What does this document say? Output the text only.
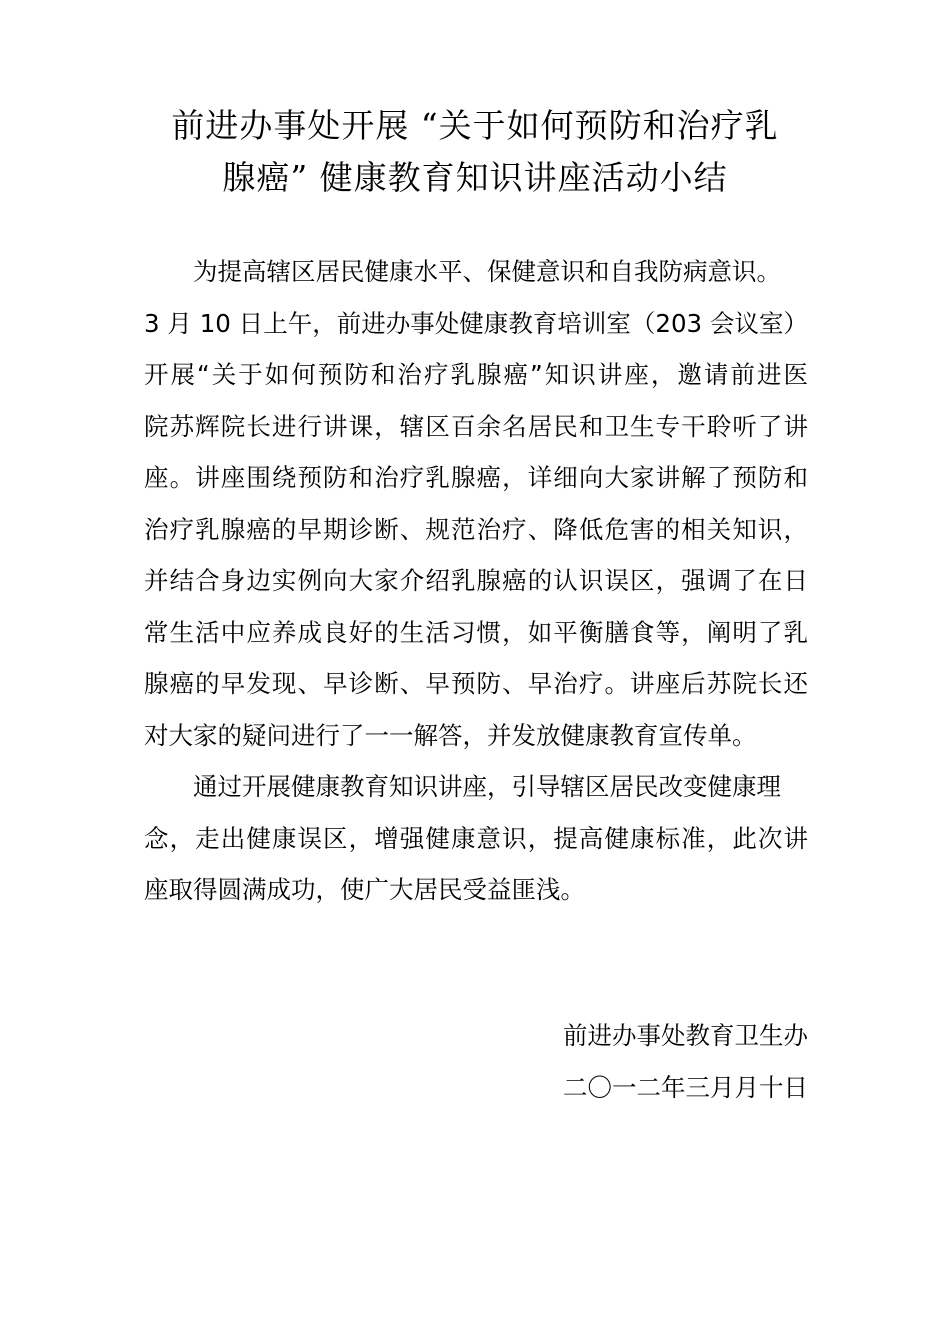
前进办事处开展 “关于如何预防和治疗乳
腺癌” 健康教育知识讲座活动小结
为提高辖区居民健康水平、保健意识和自我防病意识。
3 月 10 日上午，前进办事处健康教育培训室（203 会议室）
开展“关于如何预防和治疗乳腺癌”知识讲座，邀请前进医
院苏辉院长进行讲课，辖区百余名居民和卫生专干聆听了讲
座。讲座围绕预防和治疗乳腺癌，详细向大家讲解了预防和
治疗乳腺癌的早期诊断、规范治疗、降低危害的相关知识，
并结合身边实例向大家介绍乳腺癌的认识误区，强调了在日
常生活中应养成良好的生活习惯，如平衡膳食等，阐明了乳
腺癌的早发现、早诊断、早预防、早治疗。讲座后苏院长还
对大家的疑问进行了一一解答，并发放健康教育宣传单。
通过开展健康教育知识讲座，引导辖区居民改变健康理
念，走出健康误区，增强健康意识，提高健康标准，此次讲
座取得圆满成功，使广大居民受益匪浅。
前进办事处教育卫生办
二〇一二年三月月十日
